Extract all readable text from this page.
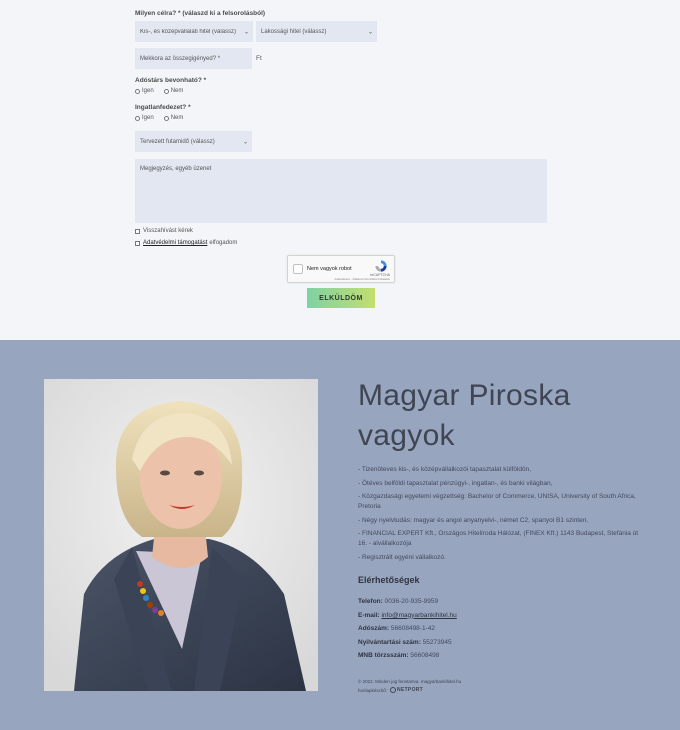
Milyen célra? * (válaszd ki a felsorolásból)
Kis-, és középvállalati hitel (válassz)	⌄ Lakossági hitel (válassz)	⌄
Mekkora az összegigényed? *	Ft
Adóstárs bevonható? *
Igen	Nem
Ingatlanfedezet? *
Igen	Nem
Tervezett futamidő (válassz)	⌄
Megjegyzés, egyéb üzenet
Visszahívást kérek
Adatvédelmi támogatást elfogadom
Nem vagyok robot
reCAPTCHA
Adatvédelem - Általános Szerződési Feltételek
ELKÜLDÖM
Magyar Piroska vagyok
- Tizenöteves kis-, és középvállalkozói tapasztalat külföldön,
- Ötéves belföldi tapasztalat pénzügyi-, ingatlan-, és banki világban,
- Közgazdasági egyetemi végzettség: Bachelor of Commerce, UNISA, University of South Africa, Pretoria
- Négy nyelvtudás: magyar és angol anyanyelvi-, német C2, spanyol B1 szinten,
- FINANCIAL EXPERT Kft., Országos Hitelíroda Hálózat, (FINEX Kft.) 1143 Budapest, Stefánia út 16. - alvállalkozója
- Regisztrált egyéni vállalkozó.
Elérhetőségek
Telefon: 0036-20-935-9959
E-mail: info@magyarbankihitel.hu
Adószám: 56608498-1-42
Nyilvántartási szám: 55273945
MNB törzsszám: 56608498
© 2022. Minden jog fenntartva. magyarbankihitel.hu
honlapkészítő: NETPORT
